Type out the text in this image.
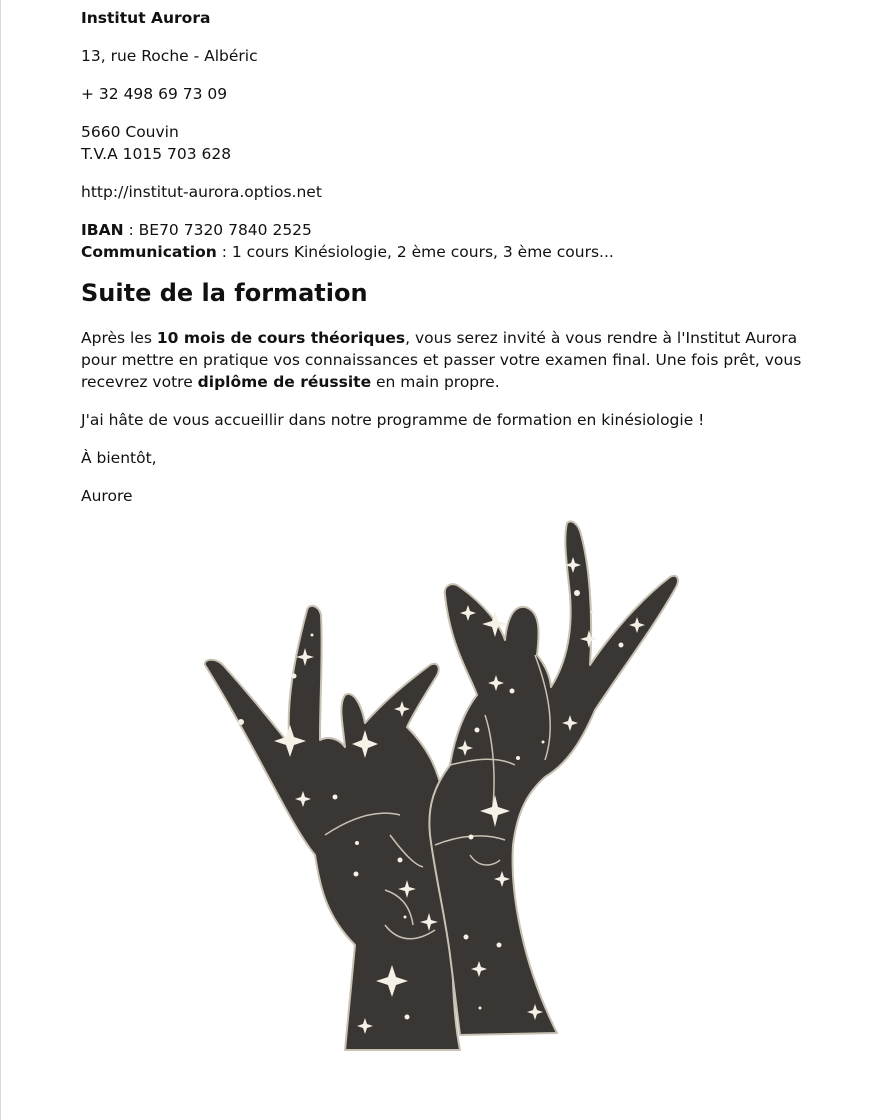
Institut Aurora

13, rue Roche - Albéric

+ 32 498 69 73 09

5660 Couvin
T.V.A 1015 703 628

http://institut-aurora.optios.net

IBAN : BE70 7320 7840 2525
Communication : 1 cours Kinésiologie, 2 ème cours, 3 ème cours...

Suite de la formation

Après les 10 mois de cours théoriques, vous serez invité à vous rendre à l'Institut Aurora pour mettre en pratique vos connaissances et passer votre examen final. Une fois prêt, vous recevrez votre diplôme de réussite en main propre.

J'ai hâte de vous accueillir dans notre programme de formation en kinésiologie !

À bientôt,

Aurore
